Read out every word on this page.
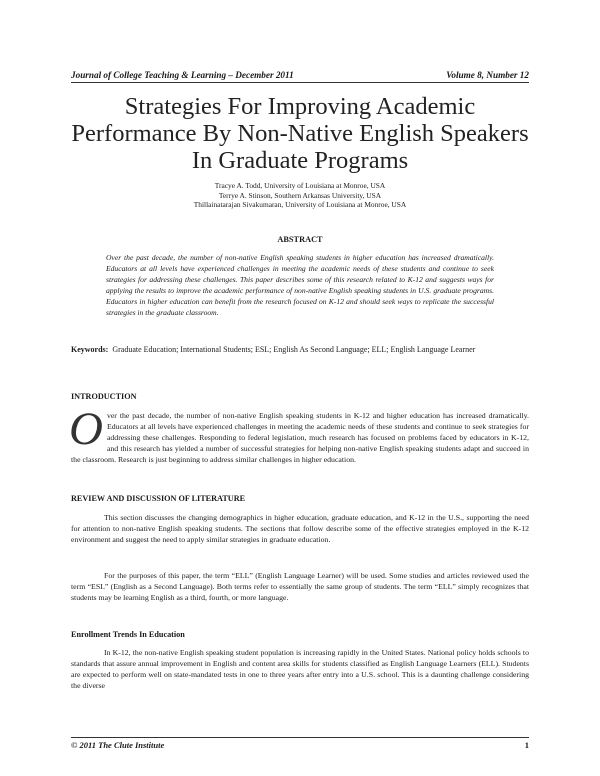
Journal of College Teaching & Learning – December 2011	Volume 8, Number 12
Strategies For Improving Academic Performance By Non-Native English Speakers In Graduate Programs
Tracye A. Todd, University of Louisiana at Monroe, USA
Terrye A. Stinson, Southern Arkansas University, USA
Thillainatarajan Sivakumaran, University of Louisiana at Monroe, USA
ABSTRACT
Over the past decade, the number of non-native English speaking students in higher education has increased dramatically. Educators at all levels have experienced challenges in meeting the academic needs of these students and continue to seek strategies for addressing these challenges. This paper describes some of this research related to K-12 and suggests ways for applying the results to improve the academic performance of non-native English speaking students in U.S. graduate programs. Educators in higher education can benefit from the research focused on K-12 and should seek ways to replicate the successful strategies in the graduate classroom.
Keywords: Graduate Education; International Students; ESL; English As Second Language; ELL; English Language Learner
INTRODUCTION
Over the past decade, the number of non-native English speaking students in K-12 and higher education has increased dramatically. Educators at all levels have experienced challenges in meeting the academic needs of these students and continue to seek strategies for addressing these challenges. Responding to federal legislation, much research has focused on problems faced by educators in K-12, and this research has yielded a number of successful strategies for helping non-native English speaking students adapt and succeed in the classroom. Research is just beginning to address similar challenges in higher education.
REVIEW AND DISCUSSION OF LITERATURE
This section discusses the changing demographics in higher education, graduate education, and K-12 in the U.S., supporting the need for attention to non-native English speaking students. The sections that follow describe some of the effective strategies employed in the K-12 environment and suggest the need to apply similar strategies in graduate education.
For the purposes of this paper, the term “ELL” (English Language Learner) will be used. Some studies and articles reviewed used the term “ESL” (English as a Second Language). Both terms refer to essentially the same group of students. The term “ELL” simply recognizes that students may be learning English as a third, fourth, or more language.
Enrollment Trends In Education
In K-12, the non-native English speaking student population is increasing rapidly in the United States. National policy holds schools to standards that assure annual improvement in English and content area skills for students classified as English Language Learners (ELL). Students are expected to perform well on state-mandated tests in one to three years after entry into a U.S. school. This is a daunting challenge considering the diverse
© 2011 The Clute Institute	1
